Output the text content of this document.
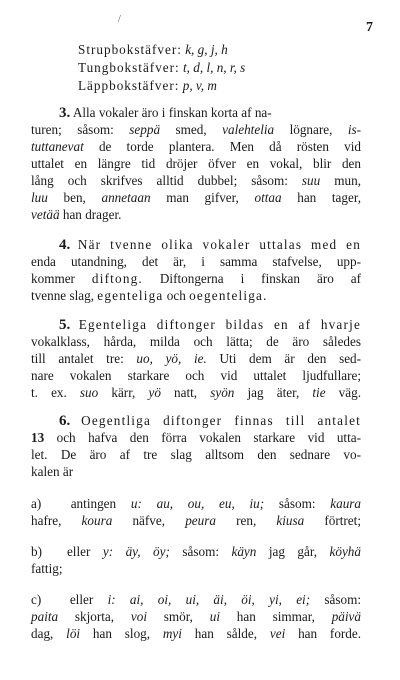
/
7
Strupbokstäfver: k, g, j, h
Tungbokstäfver: t, d, l, n, r, s
Läppbokstäfver: p, v, m
3. Alla vokaler äro i finskan korta af na-
turen; såsom: seppä smed, valehtelia lögnare, is-
tuttanevat de torde plantera. Men då rösten vid
uttalet en längre tid dröjer öfver en vokal, blir den
lång och skrifves alltid dubbel; såsom: suu mun,
luu ben, annetaan man gifver, ottaa han tager,
vetää han drager.
4. När tvenne olika vokaler uttalas med en
enda utandning, det är, i samma stafvelse, upp-
kommer diftong. Diftongerna i finskan äro af
tvenne slag, egenteliga och oegenteliga.
5. Egenteliga diftonger bildas en af hvarje
vokalklass, hårda, milda och lätta; de äro således
till antalet tre: uo, yö, ie. Uti dem är den sed-
nare vokalen starkare och vid uttalet ljudfullare;
t. ex. suo kärr, yö natt, syön jag äter, tie väg.
6. Oegentliga diftonger finnas till antalet
13 och hafva den förra vokalen starkare vid utta-
let. De äro af tre slag alltsom den sednare vo-
kalen är
a) antingen u: au, ou, eu, iu; såsom: kaura
hafre, koura näfve, peura ren, kiusa förtret;
b) eller y: äy, öy; såsom: käyn jag går, köyhä
fattig;
c) eller i: ai, oi, ui, äi, öi, yi, ei; såsom:
paita skjorta, voi smör, ui han simmar, päivä
dag, löi han slog, myi han sålde, vei han forde.
